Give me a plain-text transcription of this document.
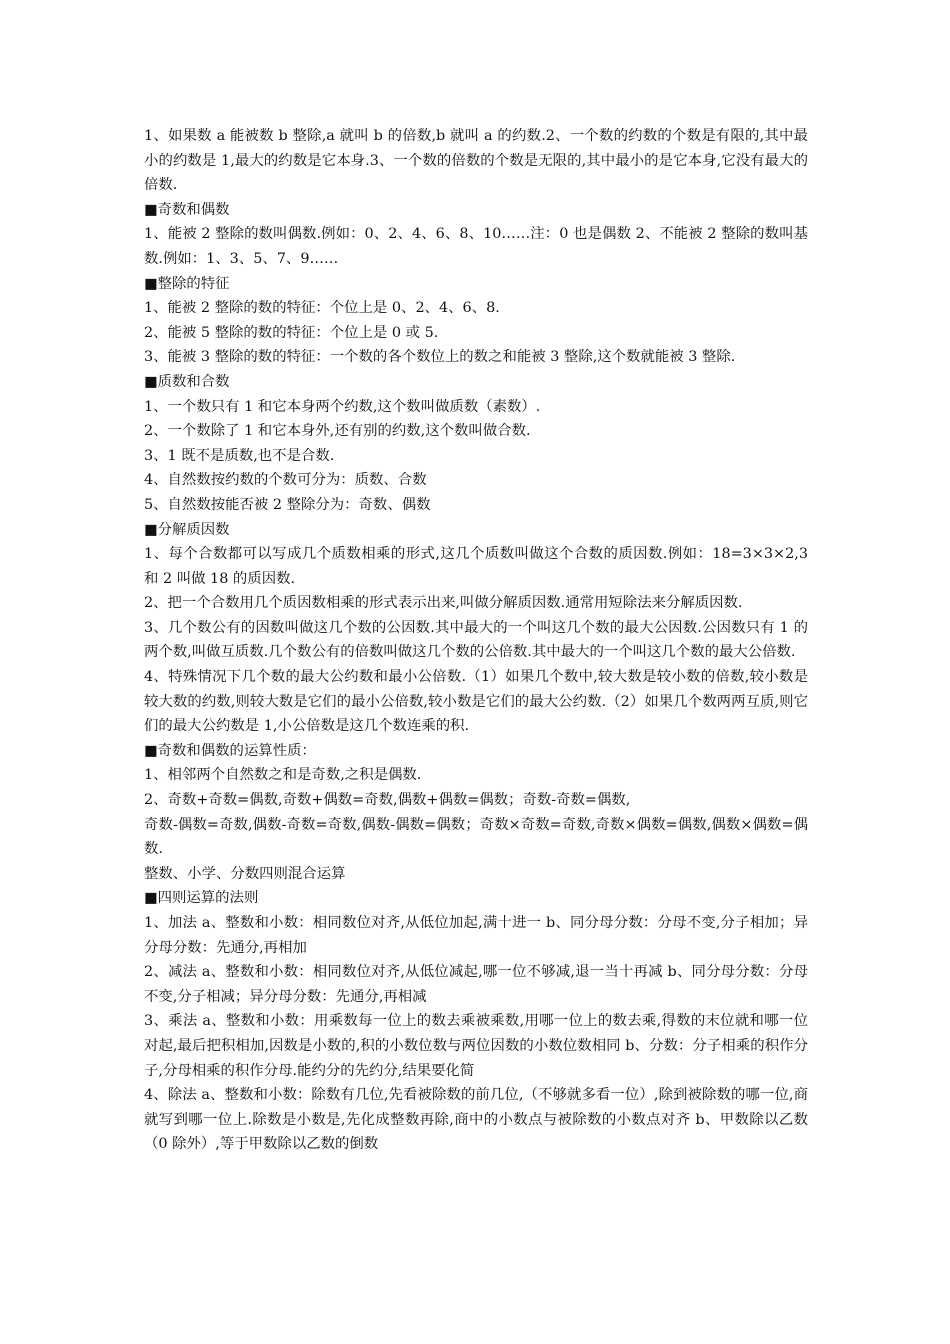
1、如果数 a 能被数 b 整除,a 就叫 b 的倍数,b 就叫 a 的约数.2、一个数的约数的个数是有限的,其中最小的约数是 1,最大的约数是它本身.3、一个数的倍数的个数是无限的,其中最小的是它本身,它没有最大的倍数.

■奇数和偶数

1、能被 2 整除的数叫偶数.例如：0、2、4、6、8、10……注：0 也是偶数 2、不能被 2 整除的数叫基数.例如：1、3、5、7、9……

■整除的特征

1、能被 2 整除的数的特征：个位上是 0、2、4、6、8.

2、能被 5 整除的数的特征：个位上是 0 或 5.

3、能被 3 整除的数的特征：一个数的各个数位上的数之和能被 3 整除,这个数就能被 3 整除.

■质数和合数

1、一个数只有 1 和它本身两个约数,这个数叫做质数（素数）.

2、一个数除了 1 和它本身外,还有别的约数,这个数叫做合数.

3、1 既不是质数,也不是合数.

4、自然数按约数的个数可分为：质数、合数

5、自然数按能否被 2 整除分为：奇数、偶数

■分解质因数

1、每个合数都可以写成几个质数相乘的形式,这几个质数叫做这个合数的质因数.例如：18=3×3×2,3 和 2 叫做 18 的质因数.

2、把一个合数用几个质因数相乘的形式表示出来,叫做分解质因数.通常用短除法来分解质因数.

3、几个数公有的因数叫做这几个数的公因数.其中最大的一个叫这几个数的最大公因数.公因数只有 1 的两个数,叫做互质数.几个数公有的倍数叫做这几个数的公倍数.其中最大的一个叫这几个数的最大公倍数.

4、特殊情况下几个数的最大公约数和最小公倍数.（1）如果几个数中,较大数是较小数的倍数,较小数是较大数的约数,则较大数是它们的最小公倍数,较小数是它们的最大公约数.（2）如果几个数两两互质,则它们的最大公约数是 1,小公倍数是这几个数连乘的积.

■奇数和偶数的运算性质：

1、相邻两个自然数之和是奇数,之积是偶数.

2、奇数+奇数=偶数,奇数+偶数=奇数,偶数+偶数=偶数；奇数-奇数=偶数,

奇数-偶数=奇数,偶数-奇数=奇数,偶数-偶数=偶数；奇数×奇数=奇数,奇数×偶数=偶数,偶数×偶数=偶数.

整数、小学、分数四则混合运算

■四则运算的法则

1、加法 a、整数和小数：相同数位对齐,从低位加起,满十进一 b、同分母分数：分母不变,分子相加；异分母分数：先通分,再相加

2、减法 a、整数和小数：相同数位对齐,从低位减起,哪一位不够减,退一当十再减 b、同分母分数：分母不变,分子相减；异分母分数：先通分,再相减

3、乘法 a、整数和小数：用乘数每一位上的数去乘被乘数,用哪一位上的数去乘,得数的末位就和哪一位对起,最后把积相加,因数是小数的,积的小数位数与两位因数的小数位数相同 b、分数：分子相乘的积作分子,分母相乘的积作分母.能约分的先约分,结果要化简

4、除法 a、整数和小数：除数有几位,先看被除数的前几位,（不够就多看一位）,除到被除数的哪一位,商就写到哪一位上.除数是小数是,先化成整数再除,商中的小数点与被除数的小数点对齐 b、甲数除以乙数（0 除外）,等于甲数除以乙数的倒数
